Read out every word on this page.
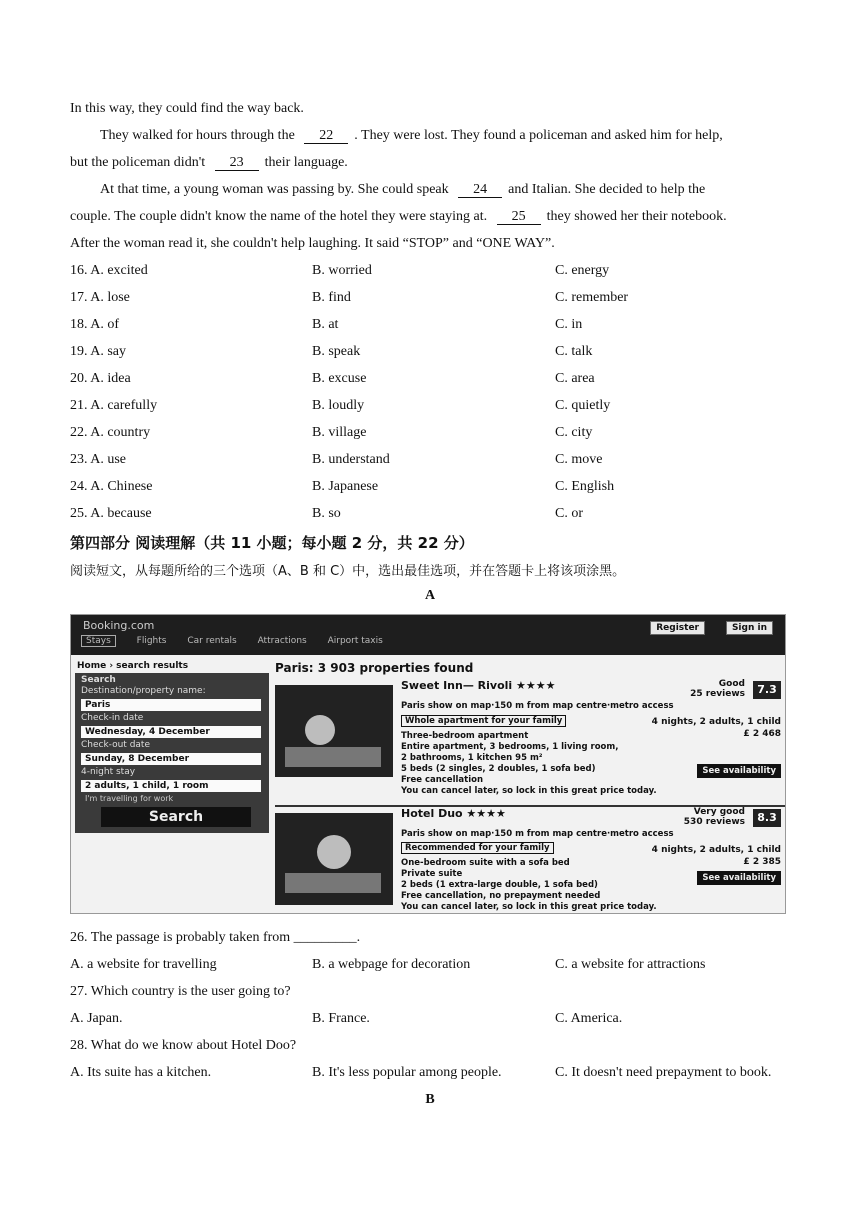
In this way, they could find the way back.
They walked for hours through the 22 . They were lost. They found a policeman and asked him for help,
but the policeman didn't 23 their language.
At that time, a young woman was passing by. She could speak 24 and Italian. She decided to help the
couple. The couple didn't know the name of the hotel they were staying at. 25 they showed her their notebook.
After the woman read it, she couldn't help laughing. It said “STOP” and “ONE WAY”.
16. A. excited	B. worried	C. energy
17. A. lose	B. find	C. remember
18. A. of	B. at	C. in
19. A. say	B. speak	C. talk
20. A. idea	B. excuse	C. area
21. A. carefully	B. loudly	C. quietly
22. A. country	B. village	C. city
23. A. use	B. understand	C. move
24. A. Chinese	B. Japanese	C. English
25. A. because	B. so	C. or
第四部分 阅读理解（共 11 小题；每小题 2 分，共 22 分）
阅读短文，从每题所给的三个选项（A、B 和 C）中，选出最佳选项，并在答题卡上将该项涂黑。
A
Booking.com
Stays	Flights Car rentals Attractions Airport taxis
Register	Sign in
Home › search results
Search
Destination/property name:
Paris
Check-in date
Wednesday, 4 December
Check-out date
Sunday, 8 December
4-night stay
2 adults, 1 child, 1 room
I'm travelling for work
Search
Paris: 3 903 properties found
Sweet Inn— Rivoli ★★★★	Good
25 reviews	7.3
Paris show on map·150 m from map centre·metro access
Whole apartment for your family	4 nights, 2 adults, 1 child
£ 2 468
Three-bedroom apartment
Entire apartment, 3 bedrooms, 1 living room,
2 bathrooms, 1 kitchen 95 m²
5 beds (2 singles, 2 doubles, 1 sofa bed)	See availability
Free cancellation
You can cancel later, so lock in this great price today.
Hotel Duo ★★★★	Very good
530 reviews	8.3
Paris show on map·150 m from map centre·metro access
Recommended for your family	4 nights, 2 adults, 1 child
£ 2 385
One-bedroom suite with a sofa bed
Private suite
2 beds (1 extra-large double, 1 sofa bed)
See availability
Free cancellation, no prepayment needed
You can cancel later, so lock in this great price today.
26. The passage is probably taken from _________.
A. a website for travelling	B. a webpage for decoration	C. a website for attractions
27. Which country is the user going to?
A. Japan.	B. France.	C. America.
28. What do we know about Hotel Doo?
A. Its suite has a kitchen.	B. It's less popular among people.	C. It doesn't need prepayment to book.
B
